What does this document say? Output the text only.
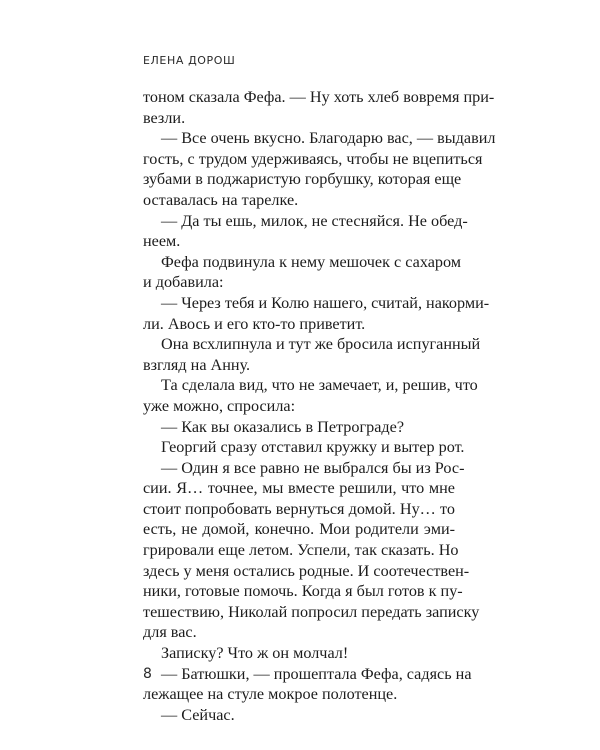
ЕЛЕНА ДОРОШ
тоном сказала Фефа. — Ну хоть хлеб вовремя при-
везли.
— Все очень вкусно. Благодарю вас, — выдавил
гость, с трудом удерживаясь, чтобы не вцепиться
зубами в поджаристую горбушку, которая еще
оставалась на тарелке.
— Да ты ешь, милок, не стесняйся. Не обед-
неем.
Фефа подвинула к нему мешочек с сахаром
и добавила:
— Через тебя и Колю нашего, считай, накорми-
ли. Авось и его кто-то приветит.
Она всхлипнула и тут же бросила испуганный
взгляд на Анну.
Та сделала вид, что не замечает, и, решив, что
уже можно, спросила:
— Как вы оказались в Петрограде?
Георгий сразу отставил кружку и вытер рот.
— Один я все равно не выбрался бы из Рос-
сии. Я… точнее, мы вместе решили, что мне
стоит попробовать вернуться домой. Ну… то
есть, не домой, конечно. Мои родители эми-
грировали еще летом. Успели, так сказать. Но
здесь у меня остались родные. И соотечествен-
ники, готовые помочь. Когда я был готов к пу-
тешествию, Николай попросил передать записку
для вас.
Записку? Что ж он молчал!
— Батюшки, — прошептала Фефа, садясь на
лежащее на стуле мокрое полотенце.
— Сейчас.
8
